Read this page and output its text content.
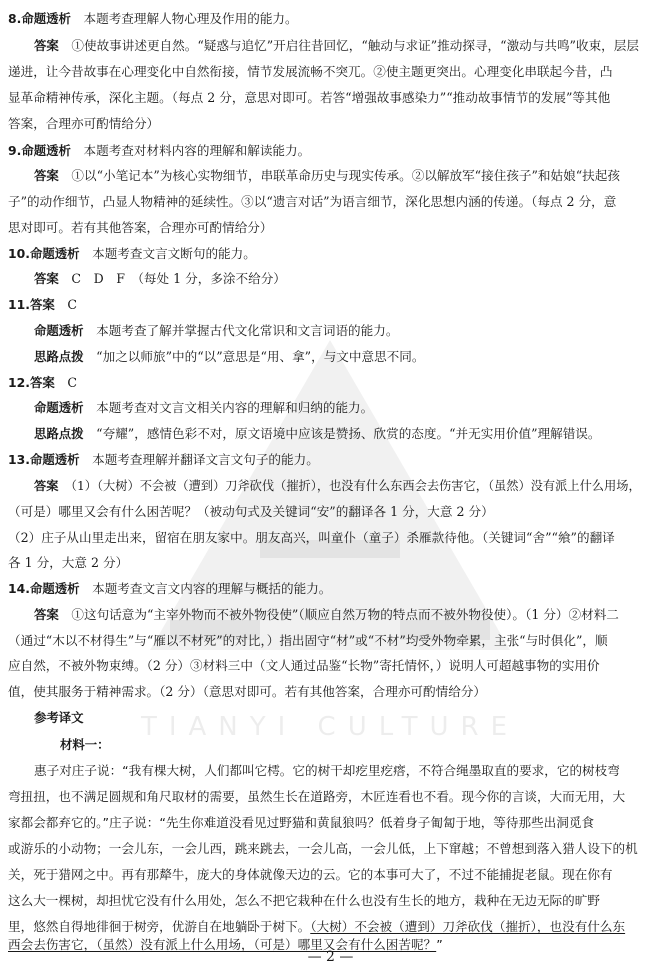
TIANYI CULTURE
8.命题透析　 本题考查理解人物心理及作用的能力。
答案　 ①使故事讲述更自然。“疑惑与追忆”开启往昔回忆，“触动与求证”推动探寻，“激动与共鸣”收束，层层
递进，让今昔故事在心理变化中自然衔接，情节发展流畅不突兀。②使主题更突出。心理变化串联起今昔，凸
显革命精神传承，深化主题。（每点 2 分，意思对即可。若答“增强故事感染力”“推动故事情节的发展”等其他
答案，合理亦可酌情给分）
9.命题透析　 本题考查对材料内容的理解和解读能力。
答案　 ①以“小笔记本”为核心实物细节，串联革命历史与现实传承。②以解放军“接住孩子”和姑娘“扶起孩
子”的动作细节，凸显人物精神的延续性。③以“遗言对话”为语言细节，深化思想内涵的传递。（每点 2 分，意
思对即可。若有其他答案，合理亦可酌情给分）
10.命题透析　 本题考查文言文断句的能力。
答案　 C　D　F　（每处 1 分，多涂不给分）
11.答案　 C
命题透析　 本题考查了解并掌握古代文化常识和文言词语的能力。
思路点拨　 “加之以师旅”中的“以”意思是“用、拿”，与文中意思不同。
12.答案　 C
命题透析　 本题考查对文言文相关内容的理解和归纳的能力。
思路点拨　 “夸耀”，感情色彩不对，原文语境中应该是赞扬、欣赏的态度。“并无实用价值”理解错误。
13.命题透析　 本题考查理解并翻译文言文句子的能力。
答案　 （1）（大树）不会被（遭到）刀斧砍伐（摧折），也没有什么东西会去伤害它，（虽然）没有派上什么用场，
（可是）哪里又会有什么困苦呢？（被动句式及关键词“安”的翻译各 1 分，大意 2 分）
（2）庄子从山里走出来，留宿在朋友家中。朋友高兴，叫童仆（童子）杀雁款待他。（关键词“舍”“飨”的翻译
各 1 分，大意 2 分）
14.命题透析　 本题考查文言文内容的理解与概括的能力。
答案　 ①这句话意为“主宰外物而不被外物役使”（顺应自然万物的特点而不被外物役使）。（1 分）②材料二
（通过“木以不材得生”与“雁以不材死”的对比，）指出固守“材”或“不材”均受外物牵累，主张“与时俱化”，顺
应自然，不被外物束缚。（2 分）③材料三中（文人通过品鉴“长物”寄托情怀，）说明人可超越事物的实用价
值，使其服务于精神需求。（2 分）（意思对即可。若有其他答案，合理亦可酌情给分）
参考译文
材料一：
惠子对庄子说：“我有棵大树，人们都叫它樗。它的树干却疙里疙瘩，不符合绳墨取直的要求，它的树枝弯
弯扭扭，也不满足圆规和角尺取材的需要，虽然生长在道路旁，木匠连看也不看。现今你的言谈，大而无用，大
家都会都弃它的。”庄子说：“先生你难道没看见过野猫和黄鼠狼吗？低着身子匍匐于地，等待那些出洞觅食
或游乐的小动物；一会儿东，一会儿西，跳来跳去，一会儿高，一会儿低，上下窜越；不曾想到落入猎人设下的机
关，死于猎网之中。再有那犛牛，庞大的身体就像天边的云。它的本事可大了，不过不能捕捉老鼠。现在你有
这么大一棵树，却担忧它没有什么用处，怎么不把它栽种在什么也没有生长的地方，栽种在无边无际的旷野
里，悠然自得地徘徊于树旁，优游自在地躺卧于树下。（大树）不会被（遭到）刀斧砍伐（摧折），也没有什么东
西会去伤害它，（虽然）没有派上什么用场，（可是）哪里又会有什么困苦呢？”
— 2 —
